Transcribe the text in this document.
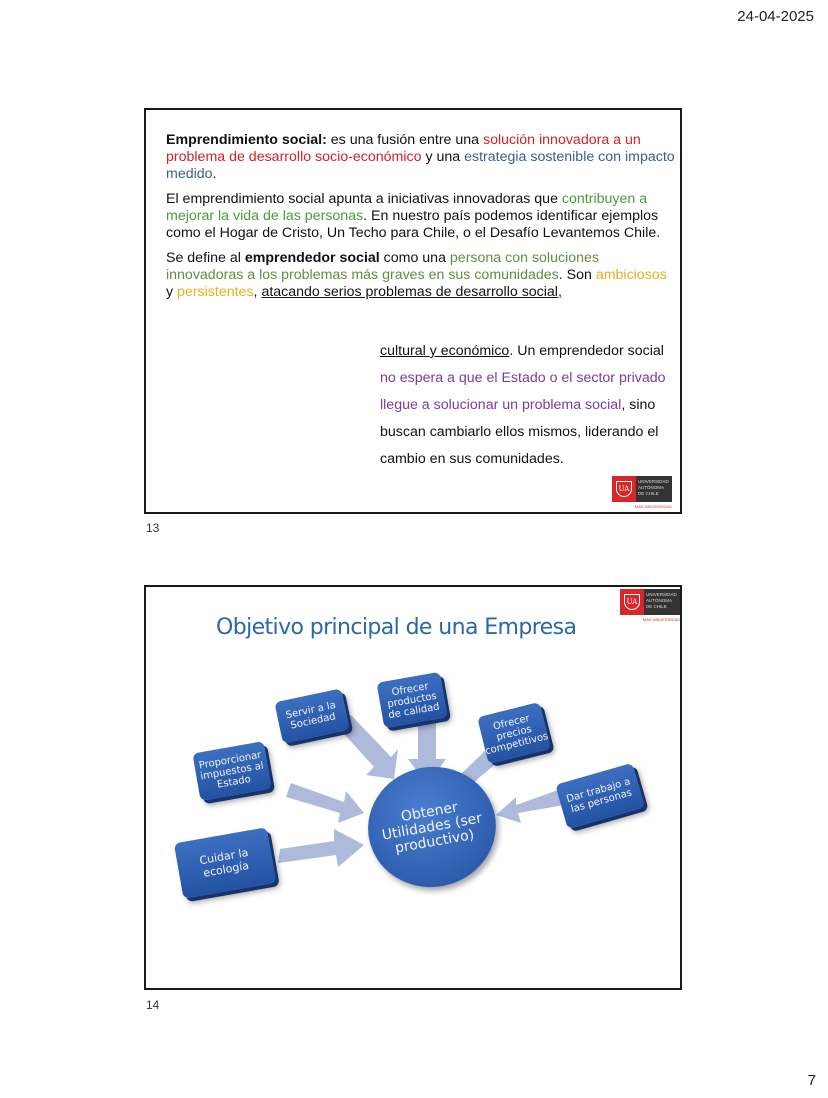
24-04-2025

Emprendimiento social: es una fusión entre una solución innovadora a un problema de desarrollo socio-económico y una estrategia sostenible con impacto medido.

El emprendimiento social apunta a iniciativas innovadoras que contribuyen a mejorar la vida de las personas. En nuestro país podemos identificar ejemplos como el Hogar de Cristo, Un Techo para Chile, o el Desafío Levantemos Chile.

Se define al emprendedor social como una persona con soluciones innovadoras a los problemas más graves en sus comunidades. Son ambiciosos y persistentes, atacando serios problemas de desarrollo social,

cultural y económico. Un emprendedor social no espera a que el Estado o el sector privado llegue a solucionar un problema social, sino buscan cambiarlo ellos mismos, liderando el cambio en sus comunidades.
UA
UNIVERSIDAD AUTÓNOMA DE CHILE
MÁS UNIVERSIDAD
13
UA
UNIVERSIDAD AUTÓNOMA DE CHILE
MÁS UNIVERSIDAD
Objetivo principal de una Empresa
Servir a la Sociedad
Ofrecer productos de calidad
Ofrecer precios competitivos
Proporcionar impuestos al Estado	Dar trabajo a las personas
Cuidar la ecología
Obtener Utilidades (ser productivo)
14
7
